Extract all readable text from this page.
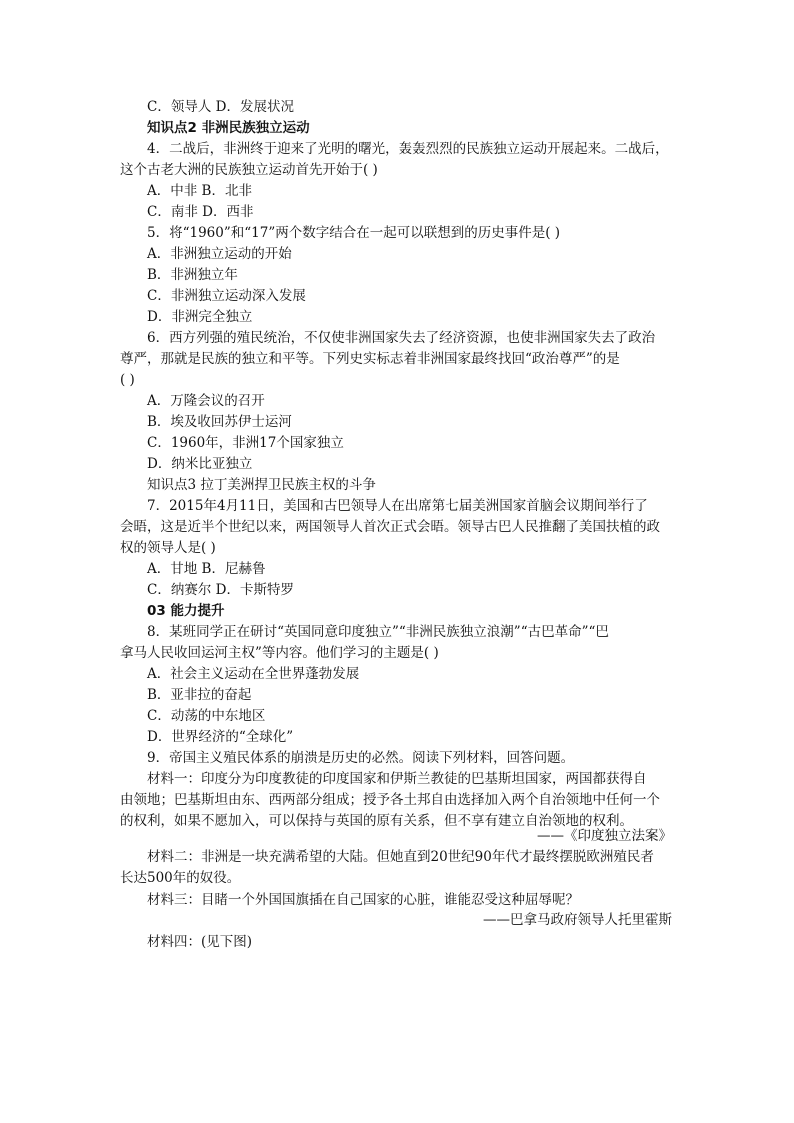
C．领导人 D．发展状况
知识点2 非洲民族独立运动
4．二战后，非洲终于迎来了光明的曙光，轰轰烈烈的民族独立运动开展起来。二战后，
这个古老大洲的民族独立运动首先开始于( )
A．中非 B．北非
C．南非 D．西非
5．将“1960”和“17”两个数字结合在一起可以联想到的历史事件是( )
A．非洲独立运动的开始
B．非洲独立年
C．非洲独立运动深入发展
D．非洲完全独立
6．西方列强的殖民统治，不仅使非洲国家失去了经济资源，也使非洲国家失去了政治
尊严，那就是民族的独立和平等。下列史实标志着非洲国家最终找回“政治尊严”的是
( )
A．万隆会议的召开
B．埃及收回苏伊士运河
C．1960年，非洲17个国家独立
D．纳米比亚独立
知识点3 拉丁美洲捍卫民族主权的斗争
7．2015年4月11日，美国和古巴领导人在出席第七届美洲国家首脑会议期间举行了
会晤，这是近半个世纪以来，两国领导人首次正式会晤。领导古巴人民推翻了美国扶植的政
权的领导人是( )
A．甘地 B．尼赫鲁
C．纳赛尔 D．卡斯特罗
03 能力提升
8．某班同学正在研讨“英国同意印度独立”“非洲民族独立浪潮”“古巴革命”“巴
拿马人民收回运河主权”等内容。他们学习的主题是( )
A．社会主义运动在全世界蓬勃发展
B．亚非拉的奋起
C．动荡的中东地区
D．世界经济的“全球化”
9．帝国主义殖民体系的崩溃是历史的必然。阅读下列材料，回答问题。
材料一：印度分为印度教徒的印度国家和伊斯兰教徒的巴基斯坦国家，两国都获得自
由领地；巴基斯坦由东、西两部分组成；授予各土邦自由选择加入两个自治领地中任何一个
的权利，如果不愿加入，可以保持与英国的原有关系，但不享有建立自治领地的权利。
——《印度独立法案》
材料二：非洲是一块充满希望的大陆。但她直到20世纪90年代才最终摆脱欧洲殖民者
长达500年的奴役。
材料三：目睹一个外国国旗插在自己国家的心脏，谁能忍受这种屈辱呢？
——巴拿马政府领导人托里霍斯
材料四：(见下图)
